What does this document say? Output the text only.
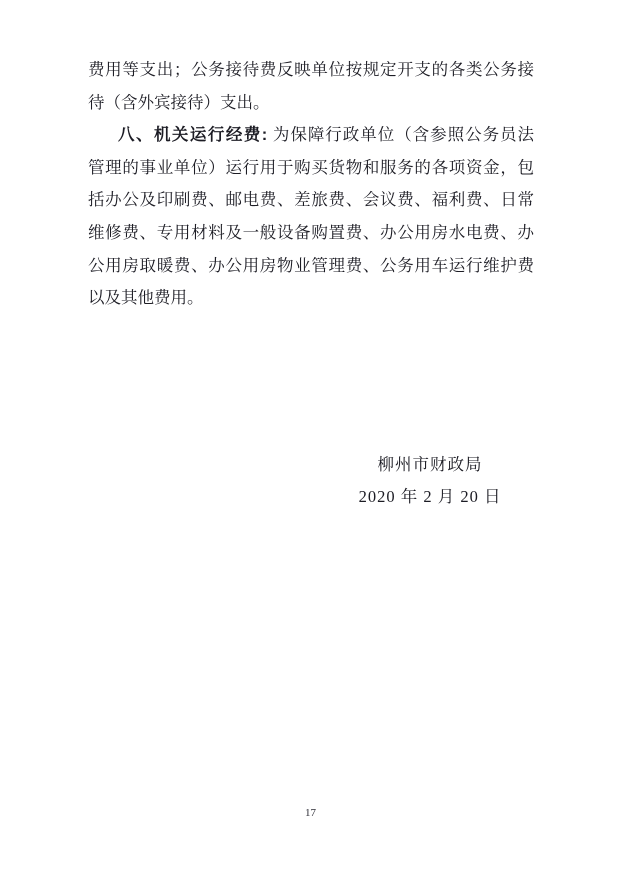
费用等支出；公务接待费反映单位按规定开支的各类公务接
待（含外宾接待）支出。
八、机关运行经费: 为保障行政单位（含参照公务员法
管理的事业单位）运行用于购买货物和服务的各项资金，包
括办公及印刷费、邮电费、差旅费、会议费、福利费、日常
维修费、专用材料及一般设备购置费、办公用房水电费、办
公用房取暖费、办公用房物业管理费、公务用车运行维护费
以及其他费用。
柳州市财政局
2020 年 2 月 20 日
17
